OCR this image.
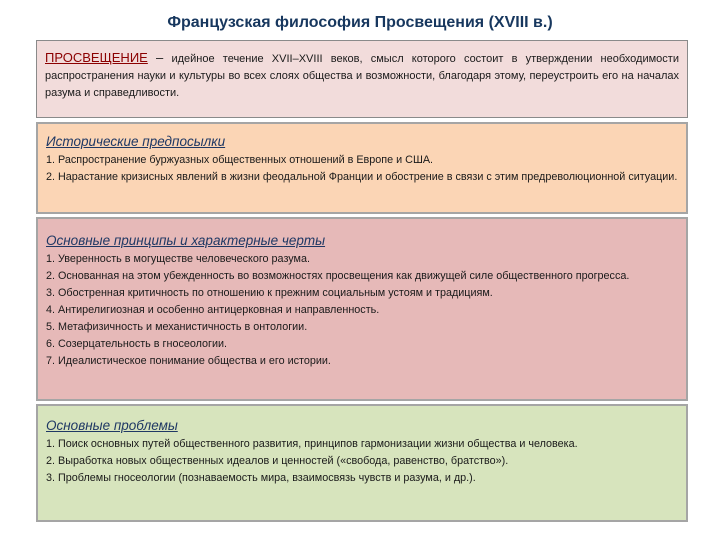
Французская философия Просвещения (XVIII в.)
ПРОСВЕЩЕНИЕ – идейное течение XVII–XVIII веков, смысл которого состоит в утверждении необходимости распространения науки и культуры во всех слоях общества и возможности, благодаря этому, переустроить его на началах разума и справедливости.
Исторические предпосылки
1. Распространение буржуазных общественных отношений в Европе и США.
2. Нарастание кризисных явлений в жизни феодальной Франции и обострение в связи с этим предреволюционной ситуации.
Основные принципы и характерные черты
1. Уверенность в могуществе человеческого разума.
2. Основанная на этом убежденность во возможностях просвещения как движущей силе общественного прогресса.
3. Обостренная критичность по отношению к прежним социальным устоям и традициям.
4. Антирелигиозная и особенно антицерковная и направленность.
5. Метафизичность и механистичность в онтологии.
6. Созерцательность в гносеологии.
7. Идеалистическое понимание общества и его истории.
Основные проблемы
1. Поиск основных путей общественного развития, принципов гармонизации жизни общества и человека.
2. Выработка новых общественных идеалов и ценностей («свобода, равенство, братство»).
3. Проблемы гносеологии (познаваемость мира, взаимосвязь чувств и разума, и др.).
